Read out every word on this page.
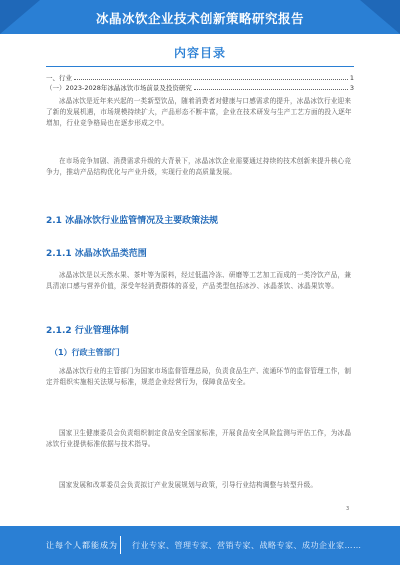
冰晶冰饮企业技术创新策略研究报告
内容目录
一、行业	1
（一）2023-2028年冰晶冰饮市场前景及投资研究	3
冰晶冰饮是近年来兴起的一类新型饮品，随着消费者对健康与口感需求的提升，冰晶冰饮行业迎来了新的发展机遇，市场规模持续扩大，产品形态不断丰富，企业在技术研发与生产工艺方面的投入逐年增加，行业竞争格局也在逐步形成之中。
在市场竞争加剧、消费需求升级的大背景下，冰晶冰饮企业需要通过持续的技术创新来提升核心竞争力，推动产品结构优化与产业升级，实现行业的高质量发展。
2.1 冰晶冰饮行业监管情况及主要政策法规
2.1.1 冰晶冰饮品类范围
冰晶冰饮是以天然水果、茶叶等为原料，经过低温冷冻、研磨等工艺加工而成的一类冷饮产品，兼具清凉口感与营养价值，深受年轻消费群体的喜爱，产品类型包括冰沙、冰晶茶饮、冰晶果饮等。
2.1.2 行业管理体制
（1）行政主管部门
冰晶冰饮行业的主管部门为国家市场监督管理总局，负责食品生产、流通环节的监督管理工作，制定并组织实施相关法规与标准，规范企业经营行为，保障食品安全。
国家卫生健康委员会负责组织制定食品安全国家标准，开展食品安全风险监测与评估工作，为冰晶冰饮行业提供标准依据与技术指导。
国家发展和改革委员会负责拟订产业发展规划与政策，引导行业结构调整与转型升级。
3
让每个人都能成为 行业专家、管理专家、营销专家、战略专家、成功企业家……
